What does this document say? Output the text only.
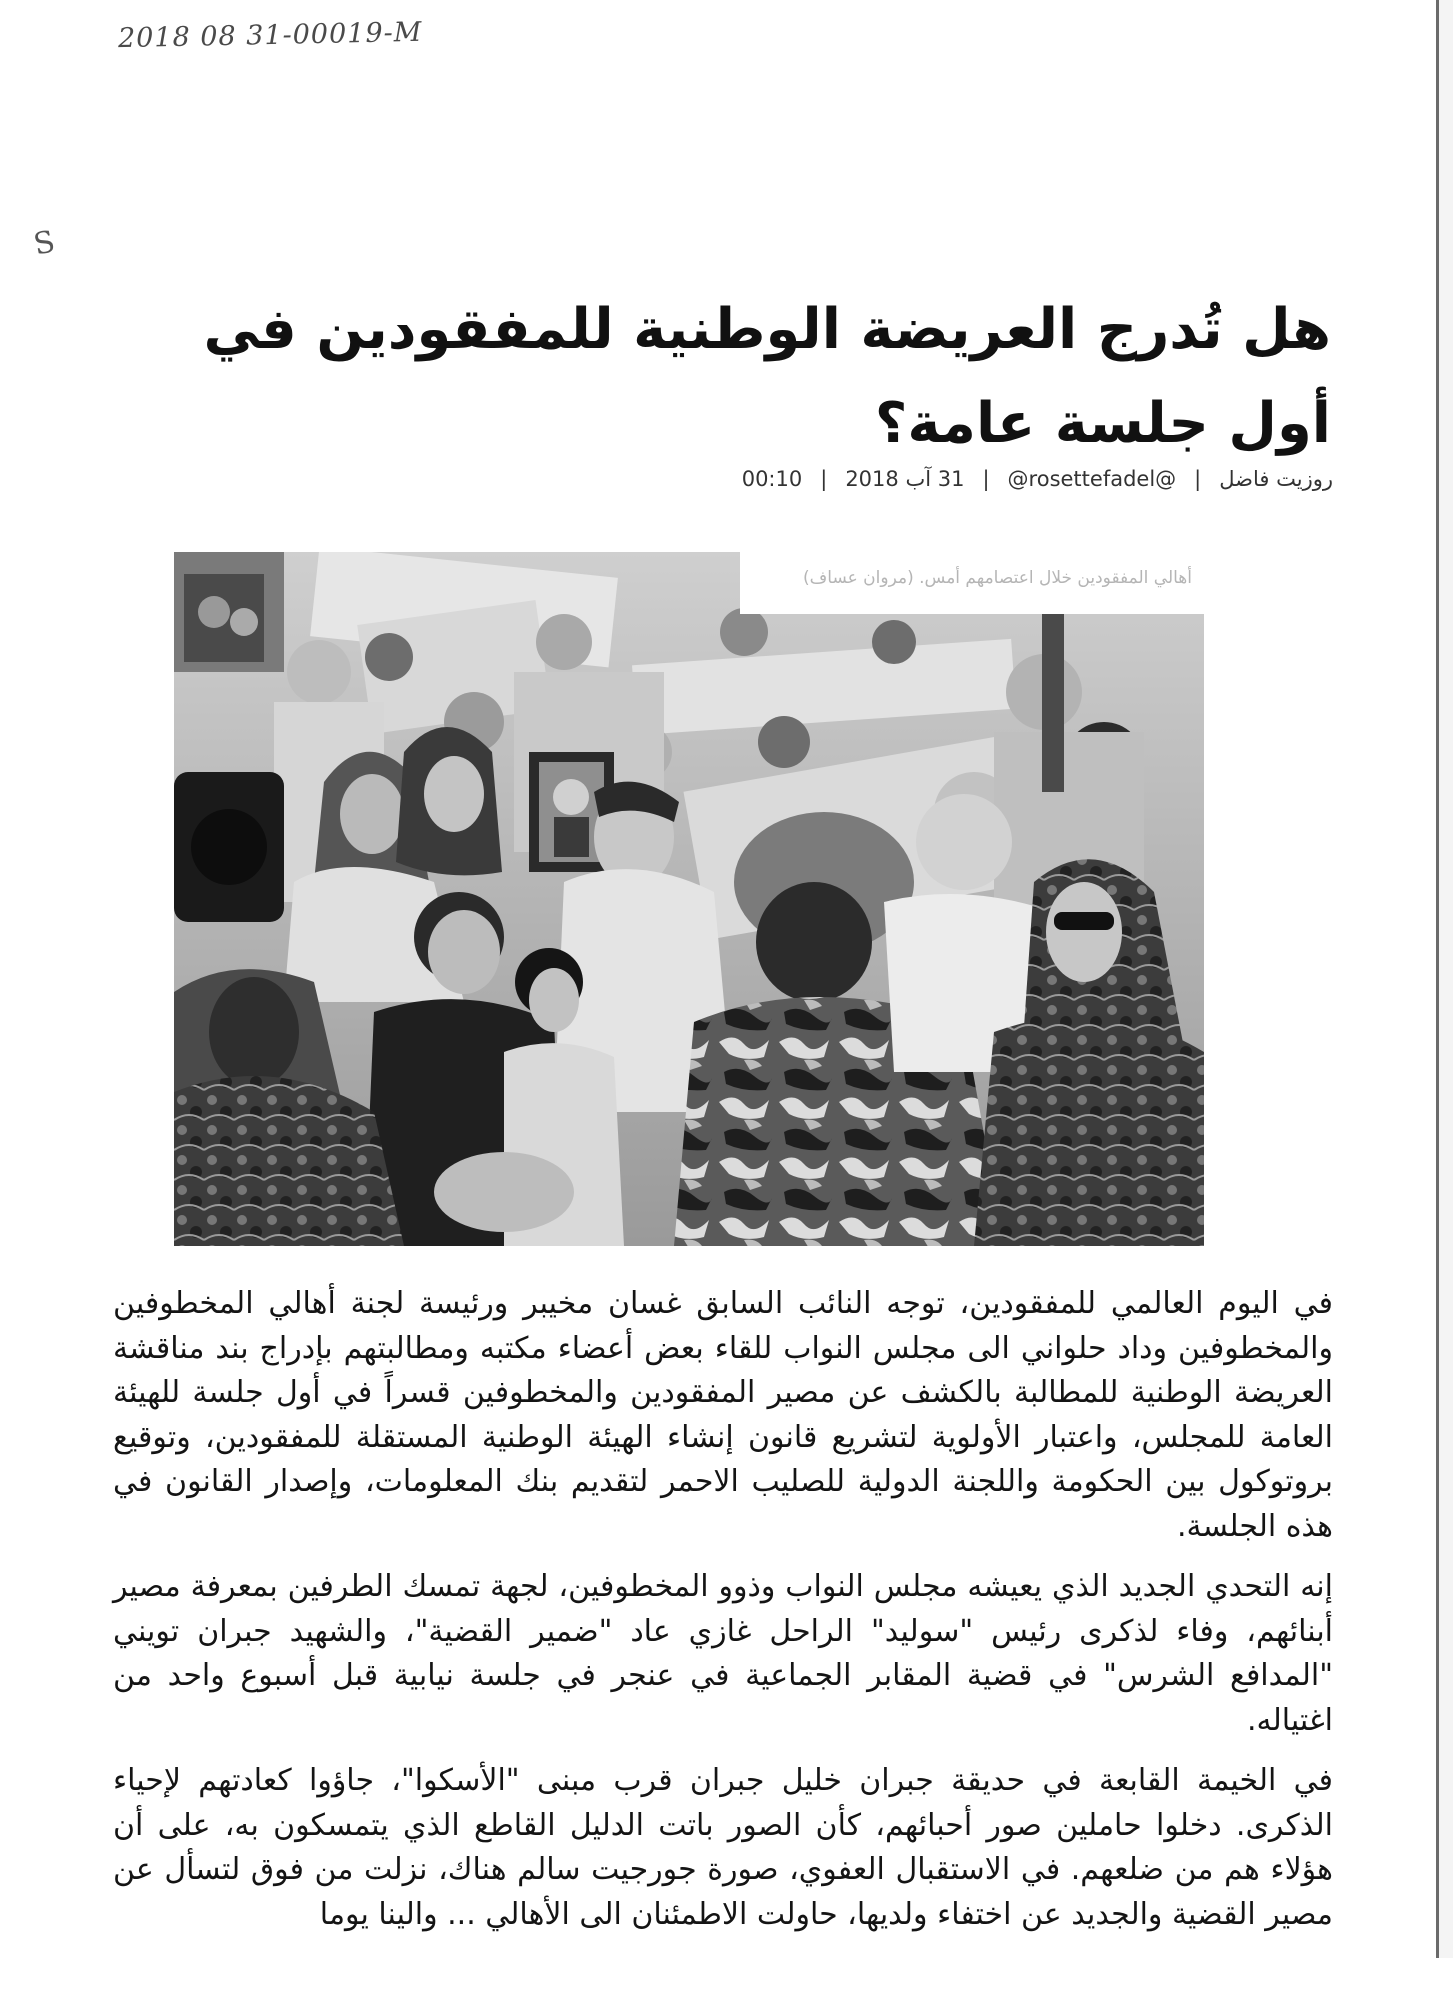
2018 08 31-00019-M
S
هل تُدرج العريضة الوطنية للمفقودين في أول جلسة عامة؟
روزيت فاضل
|
@rosettefadel@
|
31 آب 2018
|
00:10
أهالي المفقودين خلال اعتصامهم أمس. (مروان عساف)

في اليوم العالمي للمفقودين، توجه النائب السابق غسان مخيبر ورئيسة لجنة أهالي المخطوفين والمخطوفين وداد حلواني الى مجلس النواب للقاء بعض أعضاء مكتبه ومطالبتهم بإدراج بند مناقشة العريضة الوطنية للمطالبة بالكشف عن مصير المفقودين والمخطوفين قسراً في أول جلسة للهيئة العامة للمجلس، واعتبار الأولوية لتشريع قانون إنشاء الهيئة الوطنية المستقلة للمفقودين، وتوقيع بروتوكول بين الحكومة واللجنة الدولية للصليب الاحمر لتقديم بنك المعلومات، وإصدار القانون في هذه الجلسة.

إنه التحدي الجديد الذي يعيشه مجلس النواب وذوو المخطوفين، لجهة تمسك الطرفين بمعرفة مصير أبنائهم، وفاء لذكرى رئيس "سوليد" الراحل غازي عاد "ضمير القضية"، والشهيد جبران تويني "المدافع الشرس" في قضية المقابر الجماعية في عنجر في جلسة نيابية قبل أسبوع واحد من اغتياله.

في الخيمة القابعة في حديقة جبران خليل جبران قرب مبنى "الأسكوا"، جاؤوا كعادتهم لإحياء الذكرى. دخلوا حاملين صور أحبائهم، كأن الصور باتت الدليل القاطع الذي يتمسكون به، على أن هؤلاء هم من ضلعهم. في الاستقبال العفوي، صورة جورجيت سالم هناك، نزلت من فوق لتسأل عن مصير القضية والجديد عن اختفاء ولديها، حاولت الاطمئنان الى الأهالي ... والينا يوما
